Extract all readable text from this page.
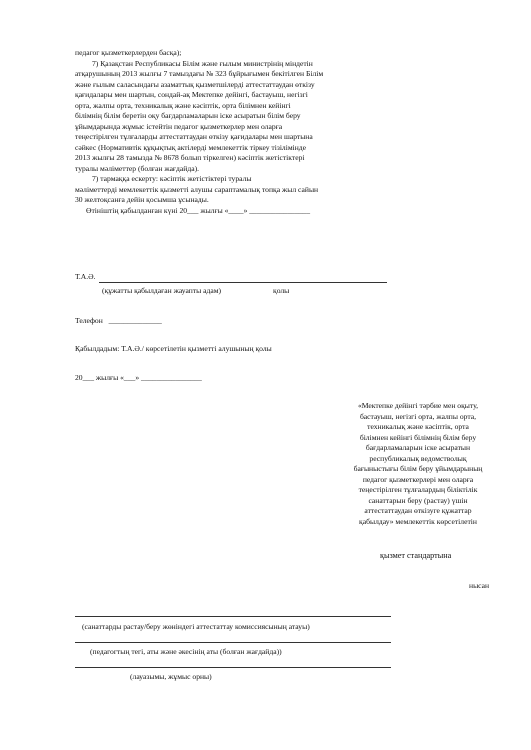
педагог қызметкерлерден басқа);
7) Қазақстан Республикасы Білім және ғылым министрінің міндетін
атқарушының 2013 жылғы 7 тамыздағы № 323 бұйрығымен бекітілген Білім
және ғылым саласындағы азаматтық қызметшілерді аттестаттаудан өткізу
қағидалары мен шартын, сондай-ақ Мектепке дейінгі, бастауыш, негізгі
орта, жалпы орта, техникалық және кәсіптік, орта білімнен кейінгі
білімнің білім беретін оқу бағдарламаларын іске асыратын білім беру
ұйымдарында жұмыс істейтін педагог қызметкерлер мен оларға
теңестірілген тұлғаларды аттестаттаудан өткізу қағидалары мен шартына
сәйкес (Нормативтік құқықтық актілерді мемлекеттік тіркеу тізілімінде
2013 жылғы 28 тамызда № 8678 болып тіркелген) кәсіптік жетістіктері
туралы мәліметтер (болған жағдайда).
7) тармаққа ескерту: кәсіптік жетістіктері туралы
мәліметтерді мемлекеттік қызметті алушы сараптамалық топқа жыл сайын
30 желтоқсанға дейін қосымша ұсынады.
Өтініштің қабылданған күні 20___ жылғы «____» ________________
Т.А.Ә.
(құжатты қабылдаған жауапты адам)	қолы
Телефон ______________
Қабылдадым: Т.А.Ә./ көрсетілетін қызметті алушының қолы
20___ жылғы «___» ________________
«Мектепке дейінгі тәрбие мен оқыту,
бастауыш, негізгі орта, жалпы орта,
техникалық және кәсіптік, орта
білімнен кейінгі білімнің білім беру
бағдарламаларын іске асыратын
республикалық ведомстволық
бағыныстығы білім беру ұйымдарының
педагог қызметкерлері мен оларға
теңестірілген тұлғалардың біліктілік
санаттарын беру (растау) үшін
аттестаттаудан өткізуге құжаттар
қабылдау» мемлекеттік көрсетілетін
қызмет стандартына
нысан
(санаттарды растау/беру жөніндегі аттестаттау комиссиясының атауы)
(педагогтың тегі, аты және әкесінің аты (болған жағдайда))
(лауазымы, жұмыс орны)
